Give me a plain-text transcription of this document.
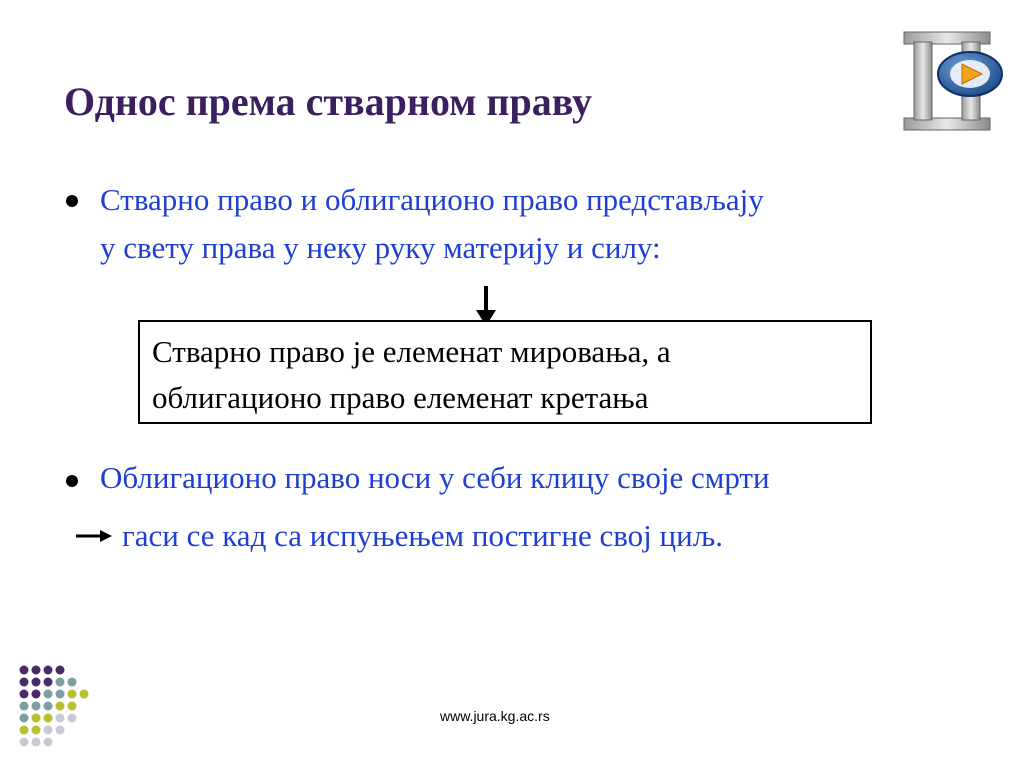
Однос према стварном праву
Стварно право и облигационо право представљају
у свету права у неку руку материју и силу:
Стварно право је елеменат мировања, а
облигационо право елеменат кретања
Облигационо право носи у себи клицу своје смрти
гаси се кад са испуњењем постигне свој циљ.
www.jura.kg.ac.rs
